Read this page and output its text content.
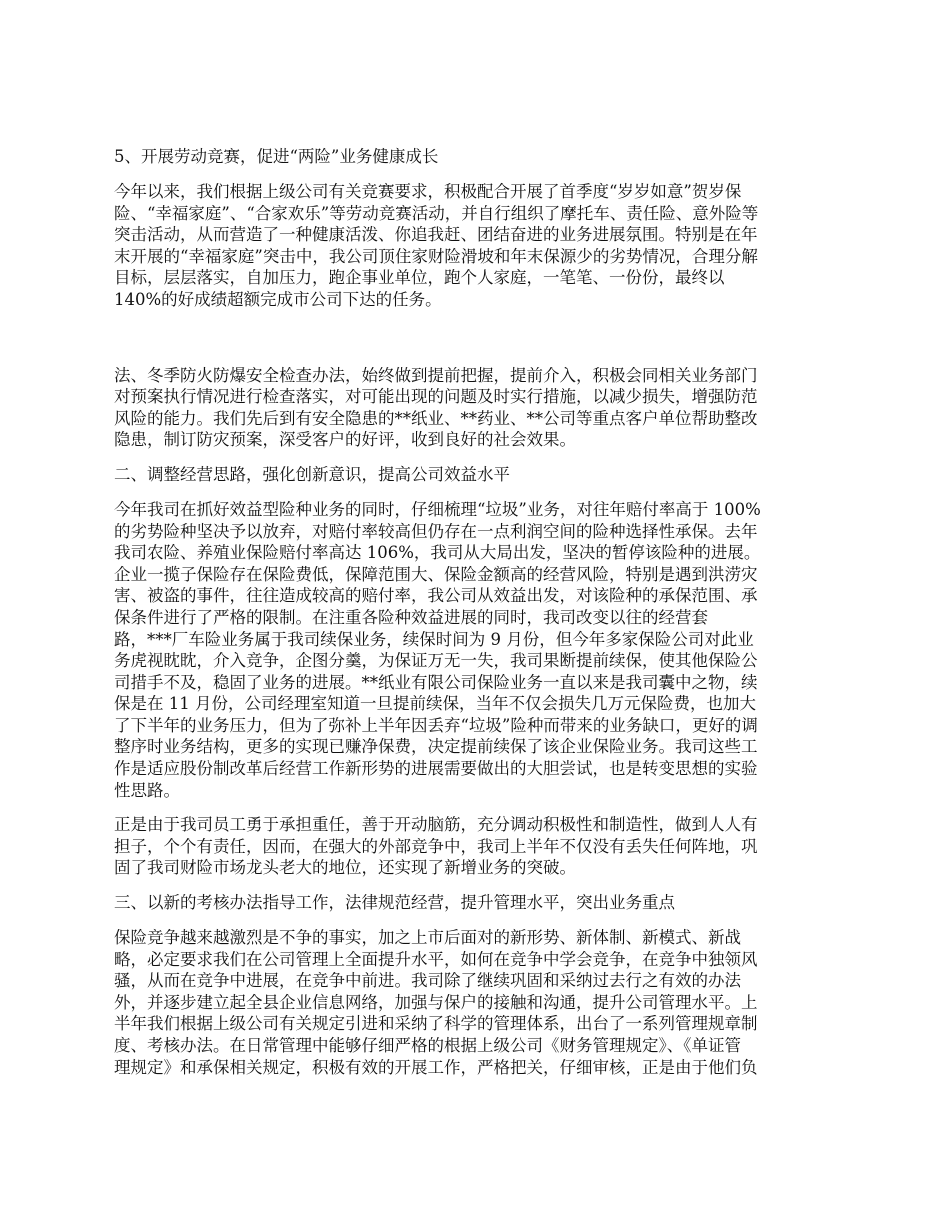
5、开展劳动竞赛，促进“两险”业务健康成长
今年以来，我们根据上级公司有关竞赛要求，积极配合开展了首季度“岁岁如意”贺岁保
险、“幸福家庭”、“合家欢乐”等劳动竞赛活动，并自行组织了摩托车、责任险、意外险等
突击活动，从而营造了一种健康活泼、你追我赶、团结奋进的业务进展氛围。特别是在年
末开展的“幸福家庭”突击中，我公司顶住家财险滑坡和年末保源少的劣势情况，合理分解
目标，层层落实，自加压力，跑企事业单位，跑个人家庭，一笔笔、一份份，最终以
140%的好成绩超额完成市公司下达的任务。
法、冬季防火防爆安全检查办法，始终做到提前把握，提前介入，积极会同相关业务部门
对预案执行情况进行检查落实，对可能出现的问题及时实行措施，以减少损失，增强防范
风险的能力。我们先后到有安全隐患的**纸业、**药业、**公司等重点客户单位帮助整改
隐患，制订防灾预案，深受客户的好评，收到良好的社会效果。
二、调整经营思路，强化创新意识，提高公司效益水平
今年我司在抓好效益型险种业务的同时，仔细梳理“垃圾”业务，对往年赔付率高于 100%
的劣势险种坚决予以放弃，对赔付率较高但仍存在一点利润空间的险种选择性承保。去年
我司农险、养殖业保险赔付率高达 106%，我司从大局出发，坚决的暂停该险种的进展。
企业一揽子保险存在保险费低，保障范围大、保险金额高的经营风险，特别是遇到洪涝灾
害、被盗的事件，往往造成较高的赔付率，我公司从效益出发，对该险种的承保范围、承
保条件进行了严格的限制。在注重各险种效益进展的同时，我司改变以往的经营套
路，***厂车险业务属于我司续保业务，续保时间为 9 月份，但今年多家保险公司对此业
务虎视眈眈，介入竞争，企图分羹，为保证万无一失，我司果断提前续保，使其他保险公
司措手不及，稳固了业务的进展。**纸业有限公司保险业务一直以来是我司囊中之物，续
保是在 11 月份，公司经理室知道一旦提前续保，当年不仅会损失几万元保险费，也加大
了下半年的业务压力，但为了弥补上半年因丢弃“垃圾”险种而带来的业务缺口，更好的调
整序时业务结构，更多的实现已赚净保费，决定提前续保了该企业保险业务。我司这些工
作是适应股份制改革后经营工作新形势的进展需要做出的大胆尝试，也是转变思想的实验
性思路。
正是由于我司员工勇于承担重任，善于开动脑筋，充分调动积极性和制造性，做到人人有
担子，个个有责任，因而，在强大的外部竞争中，我司上半年不仅没有丢失任何阵地，巩
固了我司财险市场龙头老大的地位，还实现了新增业务的突破。
三、以新的考核办法指导工作，法律规范经营，提升管理水平，突出业务重点
保险竞争越来越激烈是不争的事实，加之上市后面对的新形势、新体制、新模式、新战
略，必定要求我们在公司管理上全面提升水平，如何在竞争中学会竞争，在竞争中独领风
骚，从而在竞争中进展，在竞争中前进。我司除了继续巩固和采纳过去行之有效的办法
外，并逐步建立起全县企业信息网络，加强与保户的接触和沟通，提升公司管理水平。上
半年我们根据上级公司有关规定引进和采纳了科学的管理体系，出台了一系列管理规章制
度、考核办法。在日常管理中能够仔细严格的根据上级公司《财务管理规定》、《单证管
理规定》和承保相关规定，积极有效的开展工作，严格把关，仔细审核，正是由于他们负
